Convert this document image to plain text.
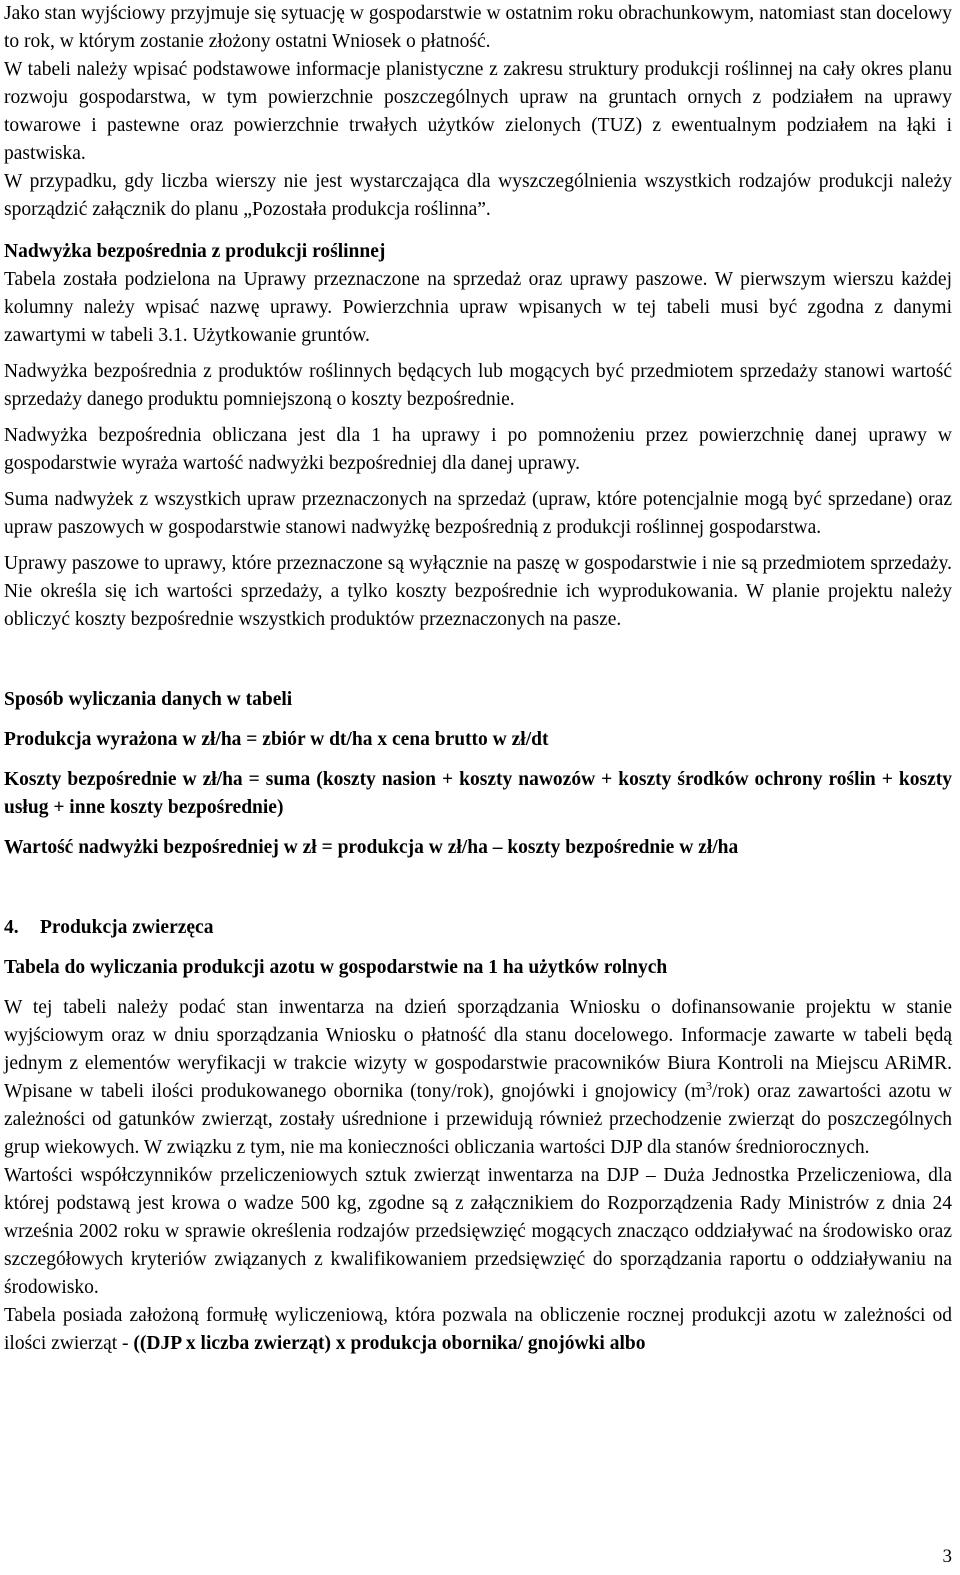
Jako stan wyjściowy przyjmuje się sytuację w gospodarstwie w ostatnim roku obrachunkowym, natomiast stan docelowy to rok, w którym zostanie złożony ostatni Wniosek o płatność.

W tabeli należy wpisać podstawowe informacje planistyczne z zakresu struktury produkcji roślinnej na cały okres planu rozwoju gospodarstwa, w tym powierzchnie poszczególnych upraw na gruntach ornych z podziałem na uprawy towarowe i pastewne oraz powierzchnie trwałych użytków zielonych (TUZ) z ewentualnym podziałem na łąki i pastwiska.

W przypadku, gdy liczba wierszy nie jest wystarczająca dla wyszczególnienia wszystkich rodzajów produkcji należy sporządzić załącznik do planu „Pozostała produkcja roślinna”.

Nadwyżka bezpośrednia z produkcji roślinnej

Tabela została podzielona na Uprawy przeznaczone na sprzedaż oraz uprawy paszowe. W pierwszym wierszu każdej kolumny należy wpisać nazwę uprawy. Powierzchnia upraw wpisanych w tej tabeli musi być zgodna z danymi zawartymi w tabeli 3.1. Użytkowanie gruntów.

Nadwyżka bezpośrednia z produktów roślinnych będących lub mogących być przedmiotem sprzedaży stanowi wartość sprzedaży danego produktu pomniejszoną o koszty bezpośrednie.

Nadwyżka bezpośrednia obliczana jest dla 1 ha uprawy i po pomnożeniu przez powierzchnię danej uprawy w gospodarstwie wyraża wartość nadwyżki bezpośredniej dla danej uprawy.

Suma nadwyżek z wszystkich upraw przeznaczonych na sprzedaż (upraw, które potencjalnie mogą być sprzedane) oraz upraw paszowych w gospodarstwie stanowi nadwyżkę bezpośrednią z produkcji roślinnej gospodarstwa.

Uprawy paszowe to uprawy, które przeznaczone są wyłącznie na paszę w gospodarstwie i nie są przedmiotem sprzedaży. Nie określa się ich wartości sprzedaży, a tylko koszty bezpośrednie ich wyprodukowania. W planie projektu należy obliczyć koszty bezpośrednie wszystkich produktów przeznaczonych na pasze.

Sposób wyliczania danych w tabeli

Produkcja wyrażona w zł/ha = zbiór w dt/ha x cena brutto w zł/dt

Koszty bezpośrednie w zł/ha = suma (koszty nasion + koszty nawozów + koszty środków ochrony roślin + koszty usług + inne koszty bezpośrednie)

Wartość nadwyżki bezpośredniej w zł = produkcja w zł/ha – koszty bezpośrednie w zł/ha

4. Produkcja zwierzęca

Tabela do wyliczania produkcji azotu w gospodarstwie na 1 ha użytków rolnych

W tej tabeli należy podać stan inwentarza na dzień sporządzania Wniosku o dofinansowanie projektu w stanie wyjściowym oraz w dniu sporządzania Wniosku o płatność dla stanu docelowego. Informacje zawarte w tabeli będą jednym z elementów weryfikacji w trakcie wizyty w gospodarstwie pracowników Biura Kontroli na Miejscu ARiMR. Wpisane w tabeli ilości produkowanego obornika (tony/rok), gnojówki i gnojowicy $(m^3/rok)$ oraz zawartości azotu w zależności od gatunków zwierząt, zostały uśrednione i przewidują również przechodzenie zwierząt do poszczególnych grup wiekowych. W związku z tym, nie ma konieczności obliczania wartości DJP dla stanów średniorocznych.

Wartości współczynników przeliczeniowych sztuk zwierząt inwentarza na DJP – Duża Jednostka Przeliczeniowa, dla której podstawą jest krowa o wadze 500 kg, zgodne są z załącznikiem do Rozporządzenia Rady Ministrów z dnia 24 września 2002 roku w sprawie określenia rodzajów przedsięwzięć mogących znacząco oddziaływać na środowisko oraz szczegółowych kryteriów związanych z kwalifikowaniem przedsięwzięć do sporządzania raportu o oddziaływaniu na środowisko.

Tabela posiada założoną formułę wyliczeniową, która pozwala na obliczenie rocznej produkcji azotu w zależności od ilości zwierząt - ((DJP x liczba zwierząt) x produkcja obornika/ gnojówki albo

3
